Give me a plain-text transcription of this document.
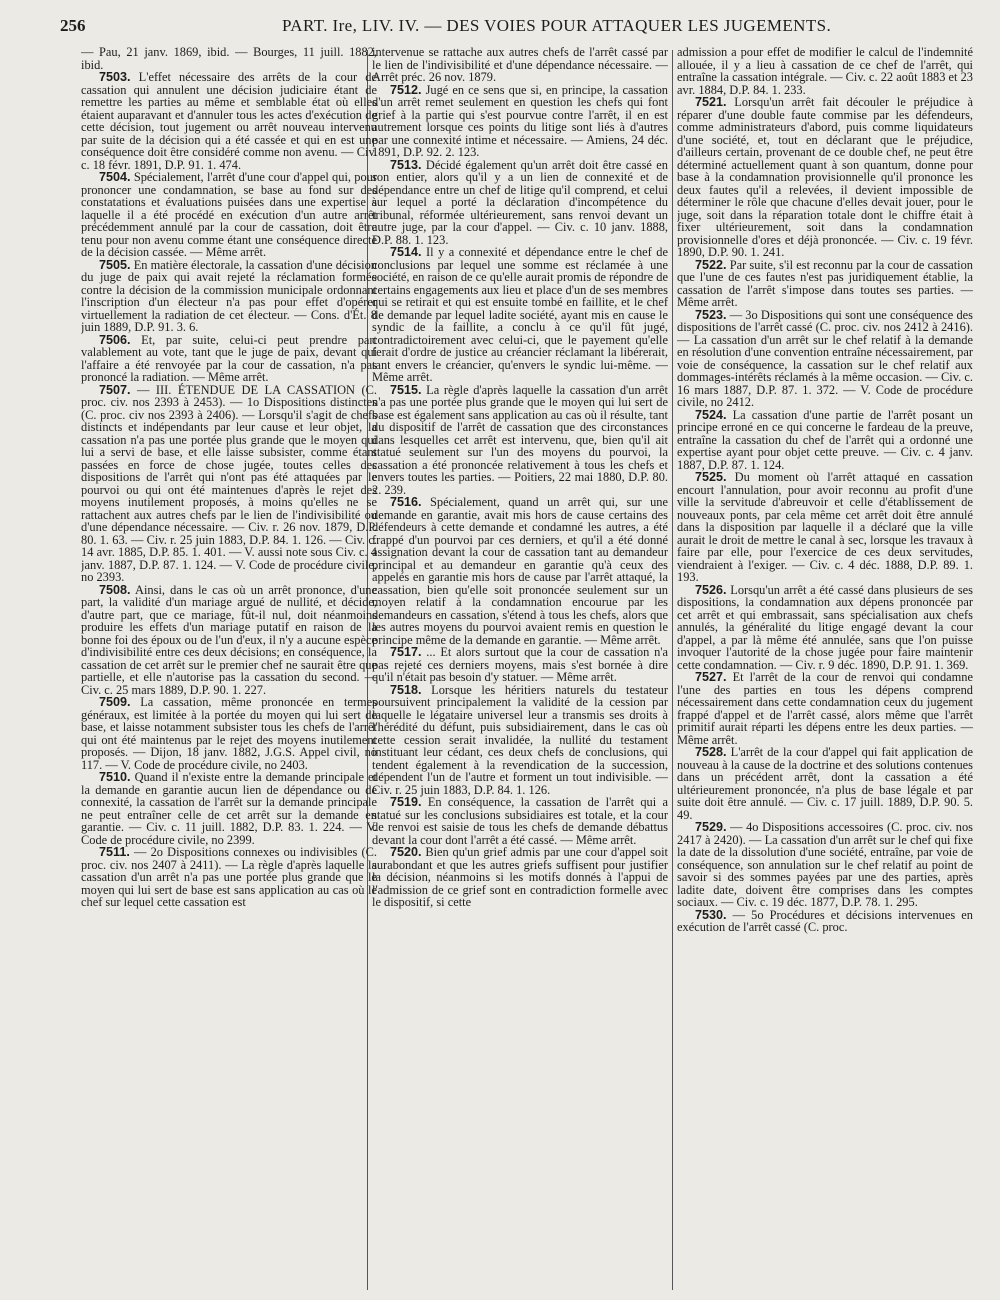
256	PART. Ire, LIV. IV. — DES VOIES POUR ATTAQUER LES JUGEMENTS.

— Pau, 21 janv. 1869, ibid. — Bourges, 11 juill. 1882, ibid.

7503. L'effet nécessaire des arrêts de la cour de cassation qui annulent une décision judiciaire étant de remettre les parties au même et semblable état où elles étaient auparavant et d'annuler tous les actes d'exécution de cette décision, tout jugement ou arrêt nouveau intervenu par suite de la décision qui a été cassée et qui en est une conséquence doit être considéré comme non avenu. — Civ. c. 18 févr. 1891, D.P. 91. 1. 474.

7504. Spécialement, l'arrêt d'une cour d'appel qui, pour prononcer une condamnation, se base au fond sur des constatations et évaluations puisées dans une expertise à laquelle il a été procédé en exécution d'un autre arrêt précédemment annulé par la cour de cassation, doit être tenu pour non avenu comme étant une conséquence directe de la décision cassée. — Même arrêt.

7505. En matière électorale, la cassation d'une décision du juge de paix qui avait rejeté la réclamation formée contre la décision de la commission municipale ordonnant l'inscription d'un électeur n'a pas pour effet d'opérer virtuellement la radiation de cet électeur. — Cons. d'Ét. 8 juin 1889, D.P. 91. 3. 6.

7506. Et, par suite, celui-ci peut prendre part valablement au vote, tant que le juge de paix, devant qui l'affaire a été renvoyée par la cour de cassation, n'a pas prononcé la radiation. — Même arrêt.

7507. — III. ÉTENDUE DE LA CASSATION (C. proc. civ. nos 2393 à 2453). — 1o Dispositions distinctes (C. proc. civ nos 2393 à 2406). — Lorsqu'il s'agit de chefs distincts et indépendants par leur cause et leur objet, la cassation n'a pas une portée plus grande que le moyen qui lui a servi de base, et elle laisse subsister, comme étant passées en force de chose jugée, toutes celles des dispositions de l'arrêt qui n'ont pas été attaquées par le pourvoi ou qui ont été maintenues d'après le rejet des moyens inutilement proposés, à moins qu'elles ne se rattachent aux autres chefs par le lien de l'indivisibilité ou d'une dépendance nécessaire. — Civ. r. 26 nov. 1879, D.P. 80. 1. 63. — Civ. r. 25 juin 1883, D.P. 84. 1. 126. — Civ. c. 14 avr. 1885, D.P. 85. 1. 401. — V. aussi note sous Civ. c. 4 janv. 1887, D.P. 87. 1. 124. — V. Code de procédure civile, no 2393.

7508. Ainsi, dans le cas où un arrêt prononce, d'une part, la validité d'un mariage argué de nullité, et décide, d'autre part, que ce mariage, fût-il nul, doit néanmoins produire les effets d'un mariage putatif en raison de la bonne foi des époux ou de l'un d'eux, il n'y a aucune espèce d'indivisibilité entre ces deux décisions; en conséquence, la cassation de cet arrêt sur le premier chef ne saurait être que partielle, et elle n'autorise pas la cassation du second. — Civ. c. 25 mars 1889, D.P. 90. 1. 227.

7509. La cassation, même prononcée en termes généraux, est limitée à la portée du moyen qui lui sert de base, et laisse notamment subsister tous les chefs de l'arrêt qui ont été maintenus par le rejet des moyens inutilement proposés. — Dijon, 18 janv. 1882, J.G.S. Appel civil, no 117. — V. Code de procédure civile, no 2403.

7510. Quand il n'existe entre la demande principale et la demande en garantie aucun lien de dépendance ou de connexité, la cassation de l'arrêt sur la demande principale ne peut entraîner celle de cet arrêt sur la demande en garantie. — Civ. c. 11 juill. 1882, D.P. 83. 1. 224. — V. Code de procédure civile, no 2399.

7511. — 2o Dispositions connexes ou indivisibles (C. proc. civ. nos 2407 à 2411). — La règle d'après laquelle la cassation d'un arrêt n'a pas une portée plus grande que le moyen qui lui sert de base est sans application au cas où le chef sur lequel cette cassation est

intervenue se rattache aux autres chefs de l'arrêt cassé par le lien de l'indivisibilité et d'une dépendance nécessaire. — Arrêt préc. 26 nov. 1879.

7512. Jugé en ce sens que si, en principe, la cassation d'un arrêt remet seulement en question les chefs qui font grief à la partie qui s'est pourvue contre l'arrêt, il en est autrement lorsque ces points du litige sont liés à d'autres par une connexité intime et nécessaire. — Amiens, 24 déc. 1891, D.P. 92. 2. 123.

7513. Décidé également qu'un arrêt doit être cassé en son entier, alors qu'il y a un lien de connexité et de dépendance entre un chef de litige qu'il comprend, et celui sur lequel a porté la déclaration d'incompétence du tribunal, réformée ultérieurement, sans renvoi devant un autre juge, par la cour d'appel. — Civ. c. 10 janv. 1888, D.P. 88. 1. 123.

7514. Il y a connexité et dépendance entre le chef de conclusions par lequel une somme est réclamée à une société, en raison de ce qu'elle aurait promis de répondre de certains engagements aux lieu et place d'un de ses membres qui se retirait et qui est ensuite tombé en faillite, et le chef de demande par lequel ladite société, ayant mis en cause le syndic de la faillite, a conclu à ce qu'il fût jugé, contradictoirement avec celui-ci, que le payement qu'elle ferait d'ordre de justice au créancier réclamant la libérerait, tant envers le créancier, qu'envers le syndic lui-même. — Même arrêt.

7515. La règle d'après laquelle la cassation d'un arrêt n'a pas une portée plus grande que le moyen qui lui sert de base est également sans application au cas où il résulte, tant du dispositif de l'arrêt de cassation que des circonstances dans lesquelles cet arrêt est intervenu, que, bien qu'il ait statué seulement sur l'un des moyens du pourvoi, la cassation a été prononcée relativement à tous les chefs et envers toutes les parties. — Poitiers, 22 mai 1880, D.P. 80. 2. 239.

7516. Spécialement, quand un arrêt qui, sur une demande en garantie, avait mis hors de cause certains des défendeurs à cette demande et condamné les autres, a été frappé d'un pourvoi par ces derniers, et qu'il a été donné assignation devant la cour de cassation tant au demandeur principal et au demandeur en garantie qu'à ceux des appelés en garantie mis hors de cause par l'arrêt attaqué, la cassation, bien qu'elle soit prononcée seulement sur un moyen relatif à la condamnation encourue par les demandeurs en cassation, s'étend à tous les chefs, alors que les autres moyens du pourvoi avaient remis en question le principe même de la demande en garantie. — Même arrêt.

7517. ... Et alors surtout que la cour de cassation n'a pas rejeté ces derniers moyens, mais s'est bornée à dire qu'il n'était pas besoin d'y statuer. — Même arrêt.

7518. Lorsque les héritiers naturels du testateur poursuivent principalement la validité de la cession par laquelle le légataire universel leur a transmis ses droits à l'hérédité du défunt, puis subsidiairement, dans le cas où cette cession serait invalidée, la nullité du testament instituant leur cédant, ces deux chefs de conclusions, qui tendent également à la revendication de la succession, dépendent l'un de l'autre et forment un tout indivisible. — Civ. r. 25 juin 1883, D.P. 84. 1. 126.

7519. En conséquence, la cassation de l'arrêt qui a statué sur les conclusions subsidiaires est totale, et la cour de renvoi est saisie de tous les chefs de demande débattus devant la cour dont l'arrêt a été cassé. — Même arrêt.

7520. Bien qu'un grief admis par une cour d'appel soit surabondant et que les autres griefs suffisent pour justifier la décision, néanmoins si les motifs donnés à l'appui de l'admission de ce grief sont en contradiction formelle avec le dispositif, si cette

admission a pour effet de modifier le calcul de l'indemnité allouée, il y a lieu à cassation de ce chef de l'arrêt, qui entraîne la cassation intégrale. — Civ. c. 22 août 1883 et 23 avr. 1884, D.P. 84. 1. 233.

7521. Lorsqu'un arrêt fait découler le préjudice à réparer d'une double faute commise par les défendeurs, comme administrateurs d'abord, puis comme liquidateurs d'une société, et, tout en déclarant que le préjudice, d'ailleurs certain, provenant de ce double chef, ne peut être déterminé actuellement quant à son quantum, donne pour base à la condamnation provisionnelle qu'il prononce les deux fautes qu'il a relevées, il devient impossible de déterminer le rôle que chacune d'elles devait jouer, pour le juge, soit dans la réparation totale dont le chiffre était à fixer ultérieurement, soit dans la condamnation provisionnelle d'ores et déjà prononcée. — Civ. c. 19 févr. 1890, D.P. 90. 1. 241.

7522. Par suite, s'il est reconnu par la cour de cassation que l'une de ces fautes n'est pas juridiquement établie, la cassation de l'arrêt s'impose dans toutes ses parties. — Même arrêt.

7523. — 3o Dispositions qui sont une conséquence des dispositions de l'arrêt cassé (C. proc. civ. nos 2412 à 2416). — La cassation d'un arrêt sur le chef relatif à la demande en résolution d'une convention entraîne nécessairement, par voie de conséquence, la cassation sur le chef relatif aux dommages-intérêts réclamés à la même occasion. — Civ. c. 16 mars 1887, D.P. 87. 1. 372. — V. Code de procédure civile, no 2412.

7524. La cassation d'une partie de l'arrêt posant un principe erroné en ce qui concerne le fardeau de la preuve, entraîne la cassation du chef de l'arrêt qui a ordonné une expertise ayant pour objet cette preuve. — Civ. c. 4 janv. 1887, D.P. 87. 1. 124.

7525. Du moment où l'arrêt attaqué en cassation encourt l'annulation, pour avoir reconnu au profit d'une ville la servitude d'abreuvoir et celle d'établissement de nouveaux ponts, par cela même cet arrêt doit être annulé dans la disposition par laquelle il a déclaré que la ville aurait le droit de mettre le canal à sec, lorsque les travaux à faire par elle, pour l'exercice de ces deux servitudes, viendraient à l'exiger. — Civ. c. 4 déc. 1888, D.P. 89. 1. 193.

7526. Lorsqu'un arrêt a été cassé dans plusieurs de ses dispositions, la condamnation aux dépens prononcée par cet arrêt et qui embrassait, sans spécialisation aux chefs annulés, la généralité du litige engagé devant la cour d'appel, a par là même été annulée, sans que l'on puisse invoquer l'autorité de la chose jugée pour faire maintenir cette condamnation. — Civ. r. 9 déc. 1890, D.P. 91. 1. 369.

7527. Et l'arrêt de la cour de renvoi qui condamne l'une des parties en tous les dépens comprend nécessairement dans cette condamnation ceux du jugement frappé d'appel et de l'arrêt cassé, alors même que l'arrêt primitif aurait réparti les dépens entre les deux parties. — Même arrêt.

7528. L'arrêt de la cour d'appel qui fait application de nouveau à la cause de la doctrine et des solutions contenues dans un précédent arrêt, dont la cassation a été ultérieurement prononcée, n'a plus de base légale et par suite doit être annulé. — Civ. c. 17 juill. 1889, D.P. 90. 5. 49.

7529. — 4o Dispositions accessoires (C. proc. civ. nos 2417 à 2420). — La cassation d'un arrêt sur le chef qui fixe la date de la dissolution d'une société, entraîne, par voie de conséquence, son annulation sur le chef relatif au point de savoir si des sommes payées par une des parties, après ladite date, doivent être comprises dans les comptes sociaux. — Civ. c. 19 déc. 1877, D.P. 78. 1. 295.

7530. — 5o Procédures et décisions intervenues en exécution de l'arrêt cassé (C. proc.
